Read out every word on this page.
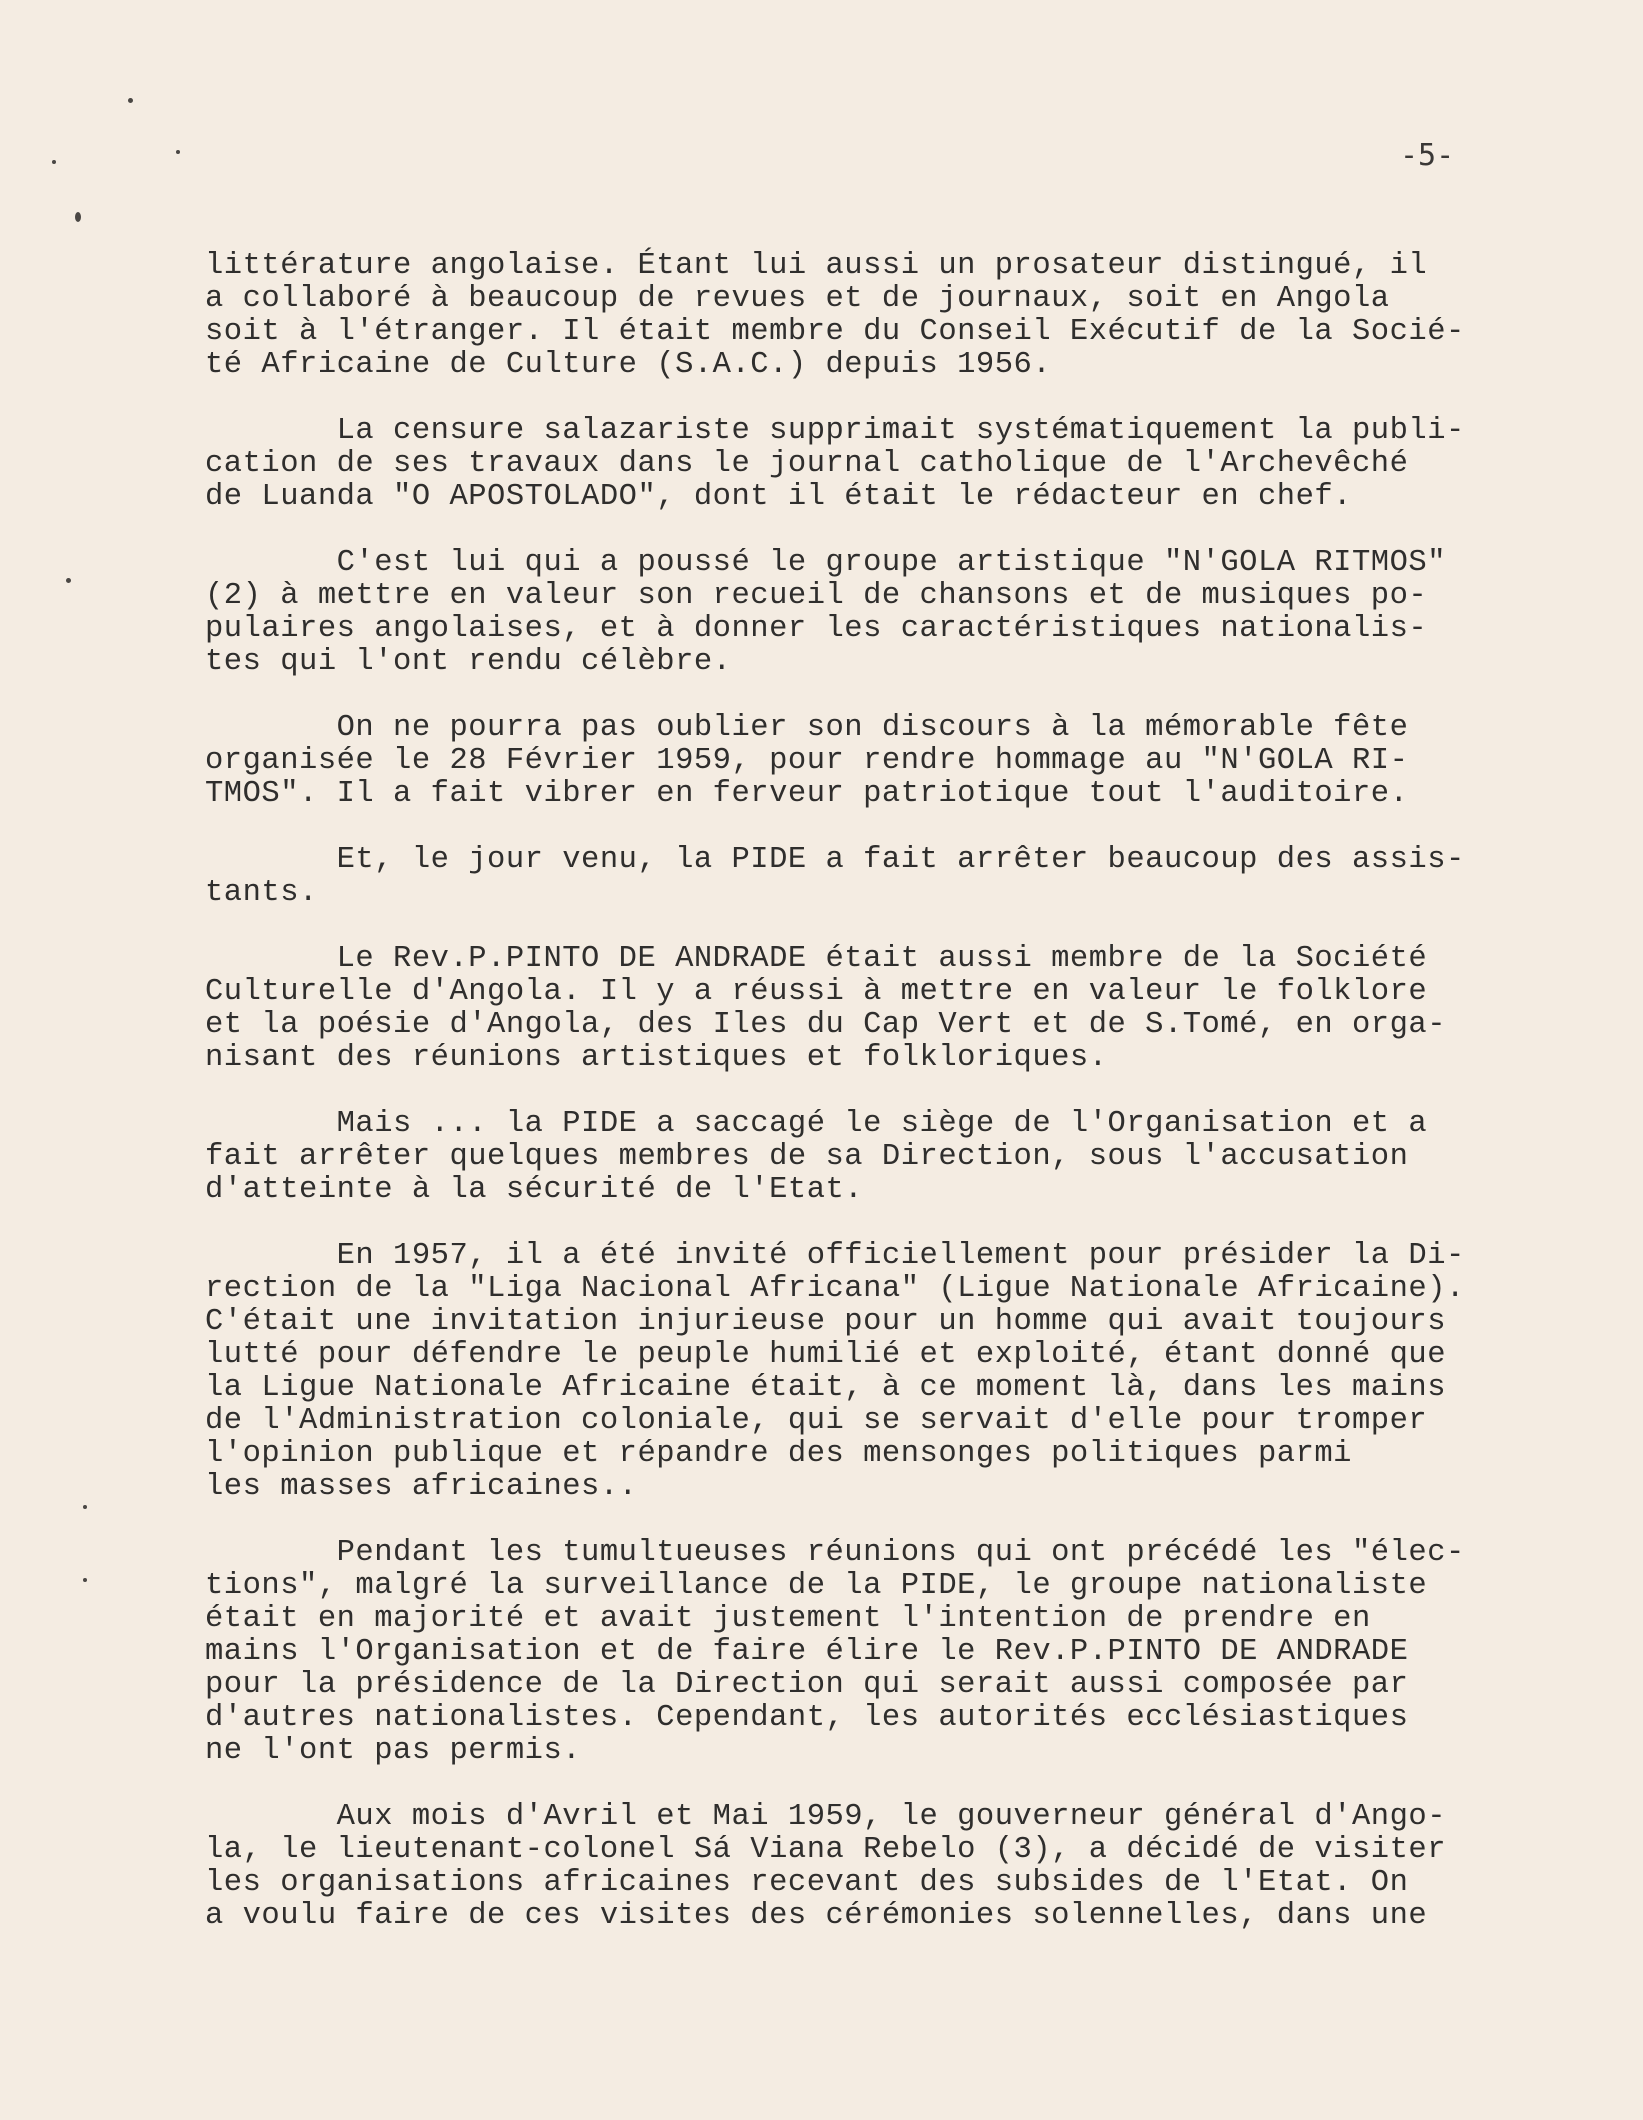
-5-
littérature angolaise. Étant lui aussi un prosateur distingué, il
a collaboré à beaucoup de revues et de journaux, soit en Angola
soit à l'étranger. Il était membre du Conseil Exécutif de la Socié-
té Africaine de Culture (S.A.C.) depuis 1956.
La censure salazariste supprimait systématiquement la publi-
cation de ses travaux dans le journal catholique de l'Archevêché
de Luanda "O APOSTOLADO", dont il était le rédacteur en chef.
C'est lui qui a poussé le groupe artistique "N'GOLA RITMOS"
(2) à mettre en valeur son recueil de chansons et de musiques po-
pulaires angolaises, et à donner les caractéristiques nationalis-
tes qui l'ont rendu célèbre.
On ne pourra pas oublier son discours à la mémorable fête
organisée le 28 Février 1959, pour rendre hommage au "N'GOLA RI-
TMOS". Il a fait vibrer en ferveur patriotique tout l'auditoire.
Et, le jour venu, la PIDE a fait arrêter beaucoup des assis-
tants.
Le Rev.P.PINTO DE ANDRADE était aussi membre de la Société
Culturelle d'Angola. Il y a réussi à mettre en valeur le folklore
et la poésie d'Angola, des Iles du Cap Vert et de S.Tomé, en orga-
nisant des réunions artistiques et folkloriques.
Mais ... la PIDE a saccagé le siège de l'Organisation et a
fait arrêter quelques membres de sa Direction, sous l'accusation
d'atteinte à la sécurité de l'Etat.
En 1957, il a été invité officiellement pour présider la Di-
rection de la "Liga Nacional Africana" (Ligue Nationale Africaine).
C'était une invitation injurieuse pour un homme qui avait toujours
lutté pour défendre le peuple humilié et exploité, étant donné que
la Ligue Nationale Africaine était, à ce moment là, dans les mains
de l'Administration coloniale, qui se servait d'elle pour tromper
l'opinion publique et répandre des mensonges politiques parmi
les masses africaines..
Pendant les tumultueuses réunions qui ont précédé les "élec-
tions", malgré la surveillance de la PIDE, le groupe nationaliste
était en majorité et avait justement l'intention de prendre en
mains l'Organisation et de faire élire le Rev.P.PINTO DE ANDRADE
pour la présidence de la Direction qui serait aussi composée par
d'autres nationalistes. Cependant, les autorités ecclésiastiques
ne l'ont pas permis.
Aux mois d'Avril et Mai 1959, le gouverneur général d'Ango-
la, le lieutenant-colonel Sá Viana Rebelo (3), a décidé de visiter
les organisations africaines recevant des subsides de l'Etat. On
a voulu faire de ces visites des cérémonies solennelles, dans une
